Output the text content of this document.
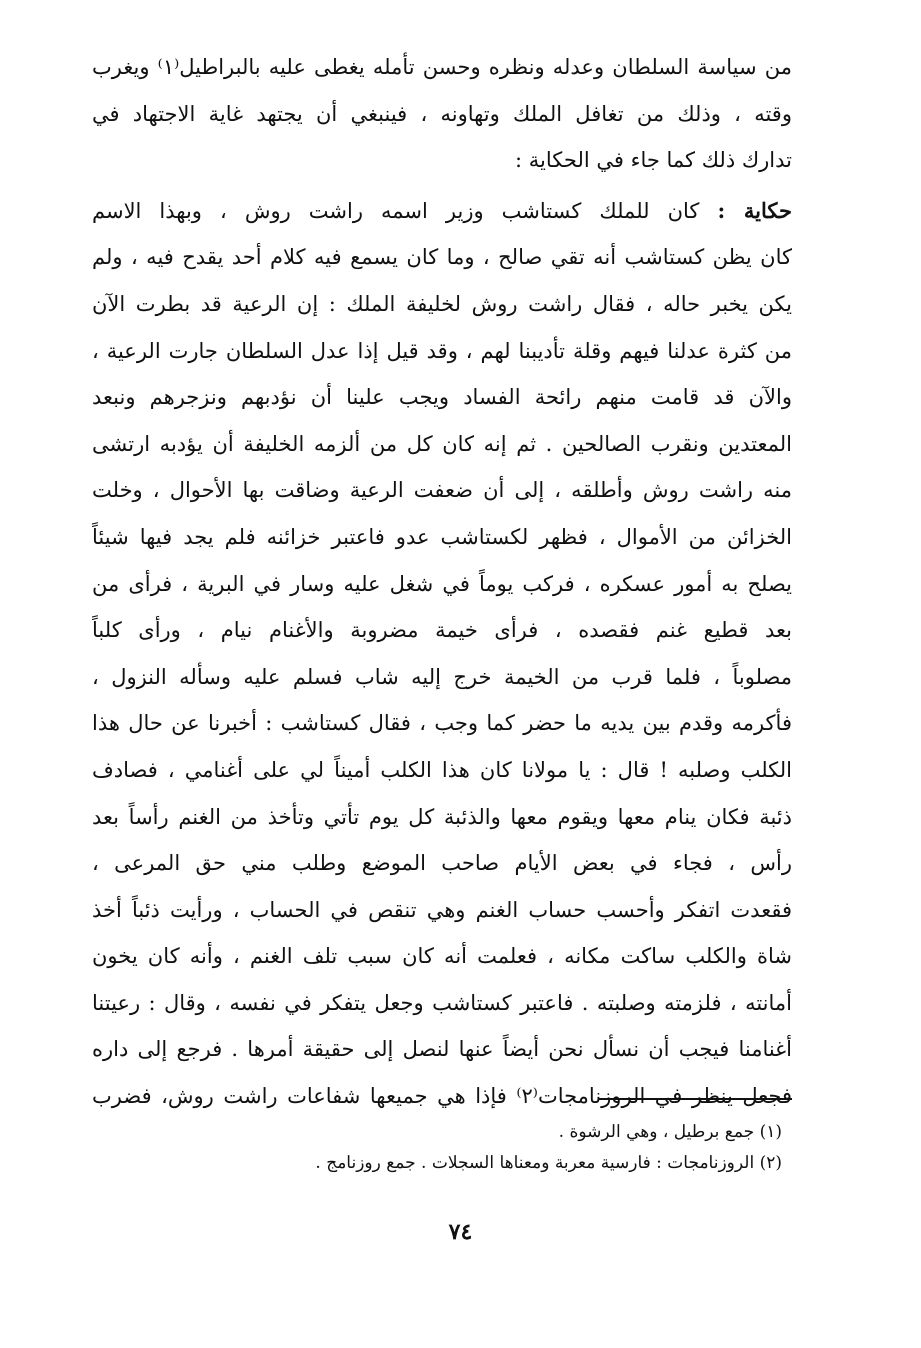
من سياسة السلطان وعدله ونظره وحسن تأمله يغطى عليه بالبراطيل⁽١⁾ ويغرب
وقته ، وذلك من تغافل الملك وتهاونه ، فينبغي أن يجتهد غاية الاجتهاد في
تدارك ذلك كما جاء في الحكاية :
حكاية : كان للملك كستاشب وزير اسمه راشت روش ، وبهذا الاسم
كان يظن كستاشب أنه تقي صالح ، وما كان يسمع فيه كلام أحد يقدح فيه ، ولم
يكن يخبر حاله ، فقال راشت روش لخليفة الملك : إن الرعية قد بطرت الآن
من كثرة عدلنا فيهم وقلة تأديبنا لهم ، وقد قيل إذا عدل السلطان جارت الرعية ،
والآن قد قامت منهم رائحة الفساد ويجب علينا أن نؤدبهم ونزجرهم ونبعد
المعتدين ونقرب الصالحين . ثم إنه كان كل من ألزمه الخليفة أن يؤدبه ارتشى
منه راشت روش وأطلقه ، إلى أن ضعفت الرعية وضاقت بها الأحوال ، وخلت
الخزائن من الأموال ، فظهر لكستاشب عدو فاعتبر خزائنه فلم يجد فيها شيئاً
يصلح به أمور عسكره ، فركب يوماً في شغل عليه وسار في البرية ، فرأى من
بعد قطيع غنم فقصده ، فرأى خيمة مضروبة والأغنام نيام ، ورأى كلباً
مصلوباً ، فلما قرب من الخيمة خرج إليه شاب فسلم عليه وسأله النزول ،
فأكرمه وقدم بين يديه ما حضر كما وجب ، فقال كستاشب : أخبرنا عن حال هذا
الكلب وصلبه ! قال : يا مولانا كان هذا الكلب أميناً لي على أغنامي ، فصادف
ذئبة فكان ينام معها ويقوم معها والذئبة كل يوم تأتي وتأخذ من الغنم رأساً بعد
رأس ، فجاء في بعض الأيام صاحب الموضع وطلب مني حق المرعى ،
فقعدت اتفكر وأحسب حساب الغنم وهي تنقص في الحساب ، ورأيت ذئباً أخذ
شاة والكلب ساكت مكانه ، فعلمت أنه كان سبب تلف الغنم ، وأنه كان يخون
أمانته ، فلزمته وصلبته . فاعتبر كستاشب وجعل يتفكر في نفسه ، وقال : رعيتنا
أغنامنا فيجب أن نسأل نحن أيضاً عنها لنصل إلى حقيقة أمرها . فرجع إلى داره
فجعل ينظر في الروزنامجات⁽٢⁾ فإذا هي جميعها شفاعات راشت روش، فضرب
(١) جمع برطيل ، وهي الرشوة .
(٢) الروزنامجات : فارسية معربة ومعناها السجلات . جمع روزنامج .
٧٤
